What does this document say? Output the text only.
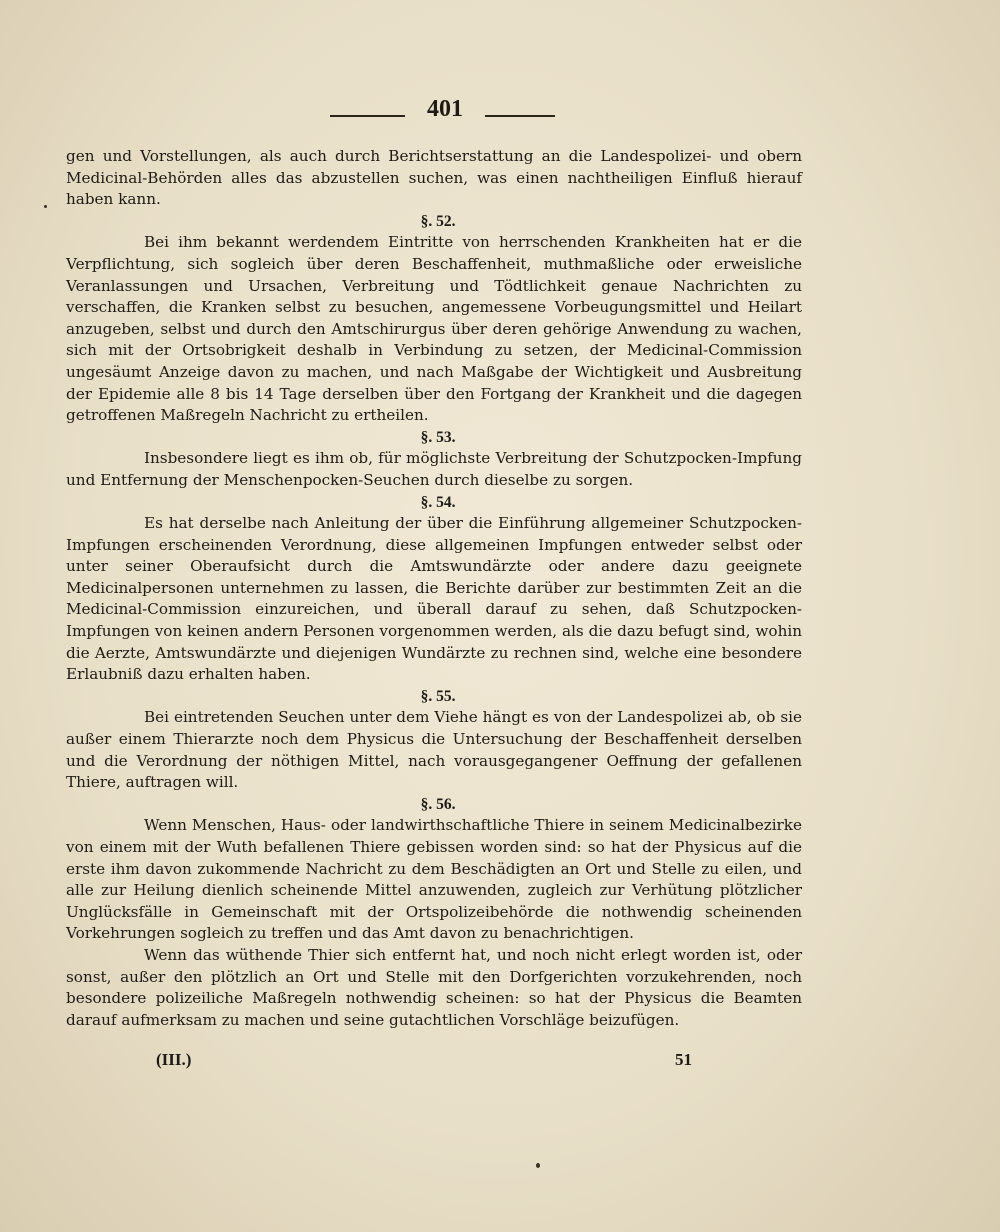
401

gen und Vorstellungen, als auch durch Berichtserstattung an die Landespolizei- und obern Medicinal-Behörden alles das abzustellen suchen, was einen nachtheiligen Einfluß hierauf haben kann.

§. 52.

Bei ihm bekannt werdendem Eintritte von herrschenden Krankheiten hat er die Verpflichtung, sich sogleich über deren Beschaffenheit, muthmaßliche oder erweisliche Veranlassungen und Ursachen, Verbreitung und Tödtlichkeit genaue Nachrichten zu verschaffen, die Kranken selbst zu besuchen, angemessene Vorbeugungsmittel und Heilart anzugeben, selbst und durch den Amtschirurgus über deren gehörige Anwendung zu wachen, sich mit der Ortsobrigkeit deshalb in Verbindung zu setzen, der Medicinal-Commission ungesäumt Anzeige davon zu machen, und nach Maßgabe der Wichtigkeit und Ausbreitung der Epidemie alle 8 bis 14 Tage derselben über den Fortgang der Krankheit und die dagegen getroffenen Maßregeln Nachricht zu ertheilen.

§. 53.

Insbesondere liegt es ihm ob, für möglichste Verbreitung der Schutzpocken-Impfung und Entfernung der Menschenpocken-Seuchen durch dieselbe zu sorgen.

§. 54.

Es hat derselbe nach Anleitung der über die Einführung allgemeiner Schutzpocken-Impfungen erscheinenden Verordnung, diese allgemeinen Impfungen entweder selbst oder unter seiner Oberaufsicht durch die Amtswundärzte oder andere dazu geeignete Medicinalpersonen unternehmen zu lassen, die Berichte darüber zur bestimmten Zeit an die Medicinal-Commission einzureichen, und überall darauf zu sehen, daß Schutzpocken-Impfungen von keinen andern Personen vorgenommen werden, als die dazu befugt sind, wohin die Aerzte, Amtswundärzte und diejenigen Wundärzte zu rechnen sind, welche eine besondere Erlaubniß dazu erhalten haben.

§. 55.

Bei eintretenden Seuchen unter dem Viehe hängt es von der Landespolizei ab, ob sie außer einem Thierarzte noch dem Physicus die Untersuchung der Beschaffenheit derselben und die Verordnung der nöthigen Mittel, nach vorausgegangener Oeffnung der gefallenen Thiere, auftragen will.

§. 56.

Wenn Menschen, Haus- oder landwirthschaftliche Thiere in seinem Medicinalbezirke von einem mit der Wuth befallenen Thiere gebissen worden sind: so hat der Physicus auf die erste ihm davon zukommende Nachricht zu dem Beschädigten an Ort und Stelle zu eilen, und alle zur Heilung dienlich scheinende Mittel anzuwenden, zugleich zur Verhütung plötzlicher Unglücksfälle in Gemeinschaft mit der Ortspolizeibehörde die nothwendig scheinenden Vorkehrungen sogleich zu treffen und das Amt davon zu benachrichtigen.

Wenn das wüthende Thier sich entfernt hat, und noch nicht erlegt worden ist, oder sonst, außer den plötzlich an Ort und Stelle mit den Dorfgerichten vorzukehrenden, noch besondere polizeiliche Maßregeln nothwendig scheinen: so hat der Physicus die Beamten darauf aufmerksam zu machen und seine gutachtlichen Vorschläge beizufügen.

(III.)	51
